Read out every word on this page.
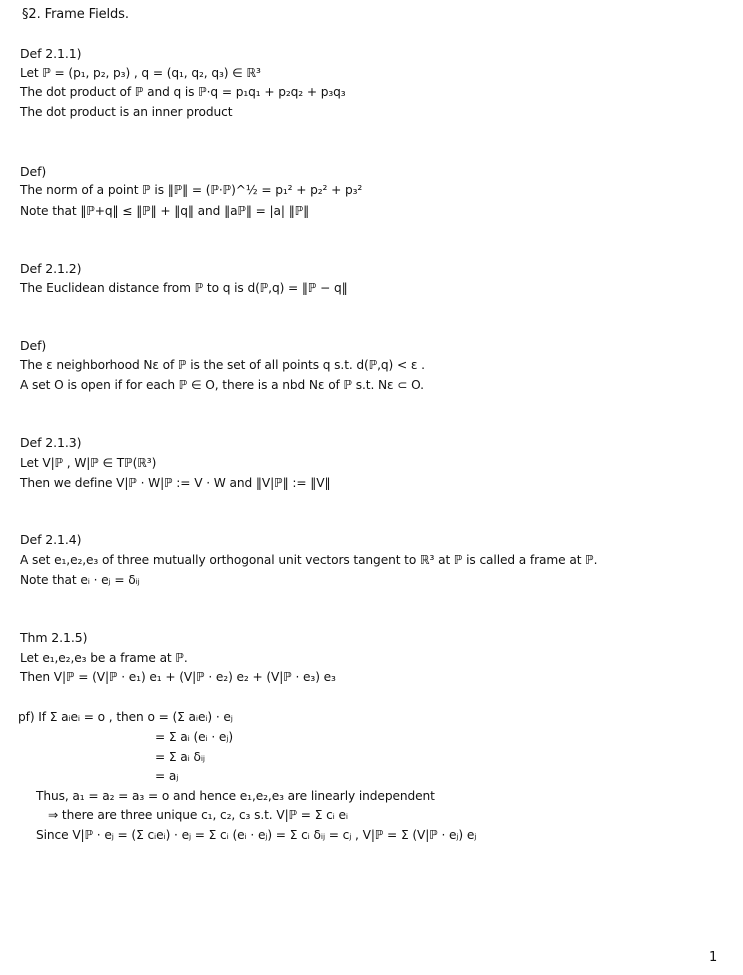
§2. Frame Fields.
Def 2.1.1)
Let ℙ = (p₁, p₂, p₃) , q = (q₁, q₂, q₃) ∈ ℝ³
The dot product of ℙ and q is ℙ·q = p₁q₁ + p₂q₂ + p₃q₃
The dot product is an inner product
Def)
The norm of a point ℙ is ‖ℙ‖ = (ℙ·ℙ)^½ = p₁² + p₂² + p₃²
Note that ‖ℙ+q‖ ≤ ‖ℙ‖ + ‖q‖ and ‖aℙ‖ = |a| ‖ℙ‖
Def 2.1.2)
The Euclidean distance from ℙ to q is d(ℙ,q) = ‖ℙ − q‖
Def)
The ε neighborhood Nε of ℙ is the set of all points q s.t. d(ℙ,q) < ε .
A set O is open if for each ℙ ∈ O, there is a nbd Nε of ℙ s.t. Nε ⊂ O.
Def 2.1.3)
Let V|ℙ , W|ℙ ∈ Tℙ(ℝ³)
Then we define V|ℙ · W|ℙ := V · W and ‖V|ℙ‖ := ‖V‖
Def 2.1.4)
A set e₁,e₂,e₃ of three mutually orthogonal unit vectors tangent to ℝ³ at ℙ is called a frame at ℙ.
Note that eᵢ · eⱼ = δᵢⱼ
Thm 2.1.5)
Let e₁,e₂,e₃ be a frame at ℙ.
Then V|ℙ = (V|ℙ · e₁) e₁ + (V|ℙ · e₂) e₂ + (V|ℙ · e₃) e₃
pf) If Σ aᵢeᵢ = o , then o = (Σ aᵢeᵢ) · eⱼ
= Σ aᵢ (eᵢ · eⱼ)
= Σ aᵢ δᵢⱼ
= aⱼ
Thus, a₁ = a₂ = a₃ = o and hence e₁,e₂,e₃ are linearly independent
⇒ there are three unique c₁, c₂, c₃ s.t. V|ℙ = Σ cᵢ eᵢ
Since V|ℙ · eⱼ = (Σ cᵢeᵢ) · eⱼ = Σ cᵢ (eᵢ · eⱼ) = Σ cᵢ δᵢⱼ = cⱼ , V|ℙ = Σ (V|ℙ · eⱼ) eⱼ
1
